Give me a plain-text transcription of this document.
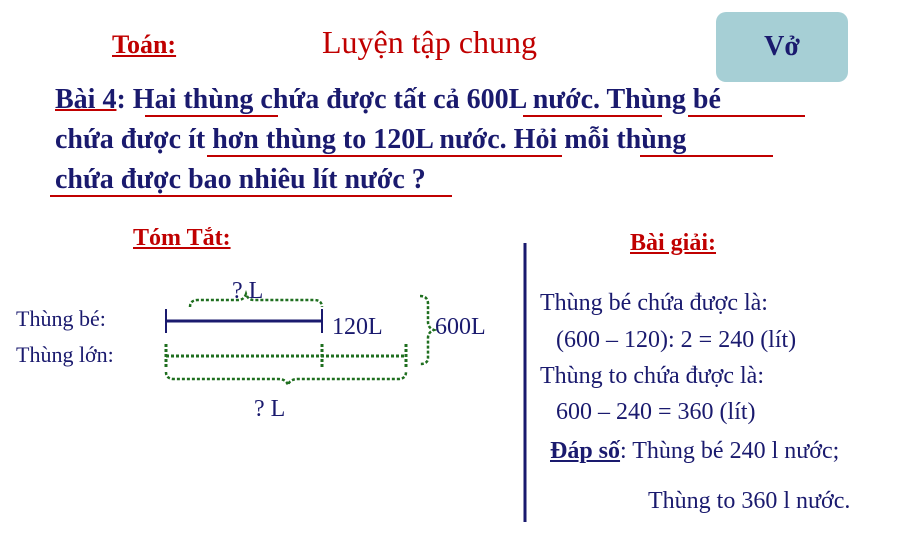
Toán:	Luyện tập chung	Vở
Bài 4: Hai thùng chứa được tất cả 600L nước. Thùng bé
chứa được ít hơn thùng to 120L nước. Hỏi mỗi thùng
chứa được bao nhiêu lít nước ?
Tóm Tắt:	Bài giải:
Thùng bé:
Thùng lớn:
? L
? L
120L 600L
Thùng bé chứa được là:
(600 – 120): 2 = 240 (lít)
Thùng to chứa được là:
600 – 240 = 360 (lít)
Đáp số: Thùng bé 240 l nước;
Thùng to 360 l nước.
